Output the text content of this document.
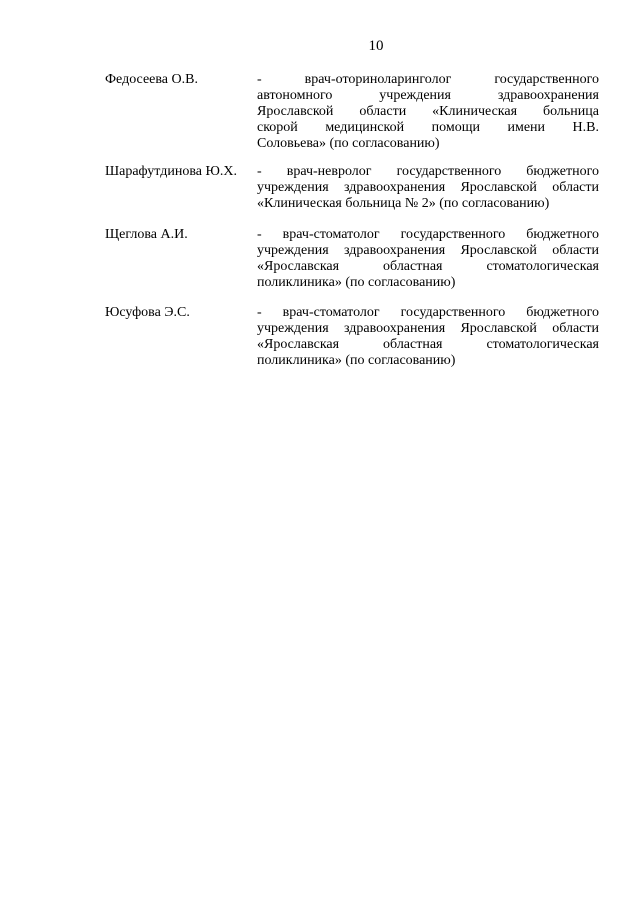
10
Федосеева О.В.	- врач-оториноларинголог государственного
автономного учреждения здравоохранения
Ярославской области «Клиническая больница
скорой медицинской помощи имени Н.В.
Соловьева» (по согласованию)
Шарафутдинова Ю.Х. - врач-невролог государственного бюджетного
учреждения здравоохранения Ярославской области
«Клиническая больница № 2» (по согласованию)
Щеглова А.И.	- врач-стоматолог государственного бюджетного
учреждения здравоохранения Ярославской области
«Ярославская областная стоматологическая
поликлиника» (по согласованию)
Юсуфова Э.С.	- врач-стоматолог государственного бюджетного
учреждения здравоохранения Ярославской области
«Ярославская областная стоматологическая
поликлиника» (по согласованию)
